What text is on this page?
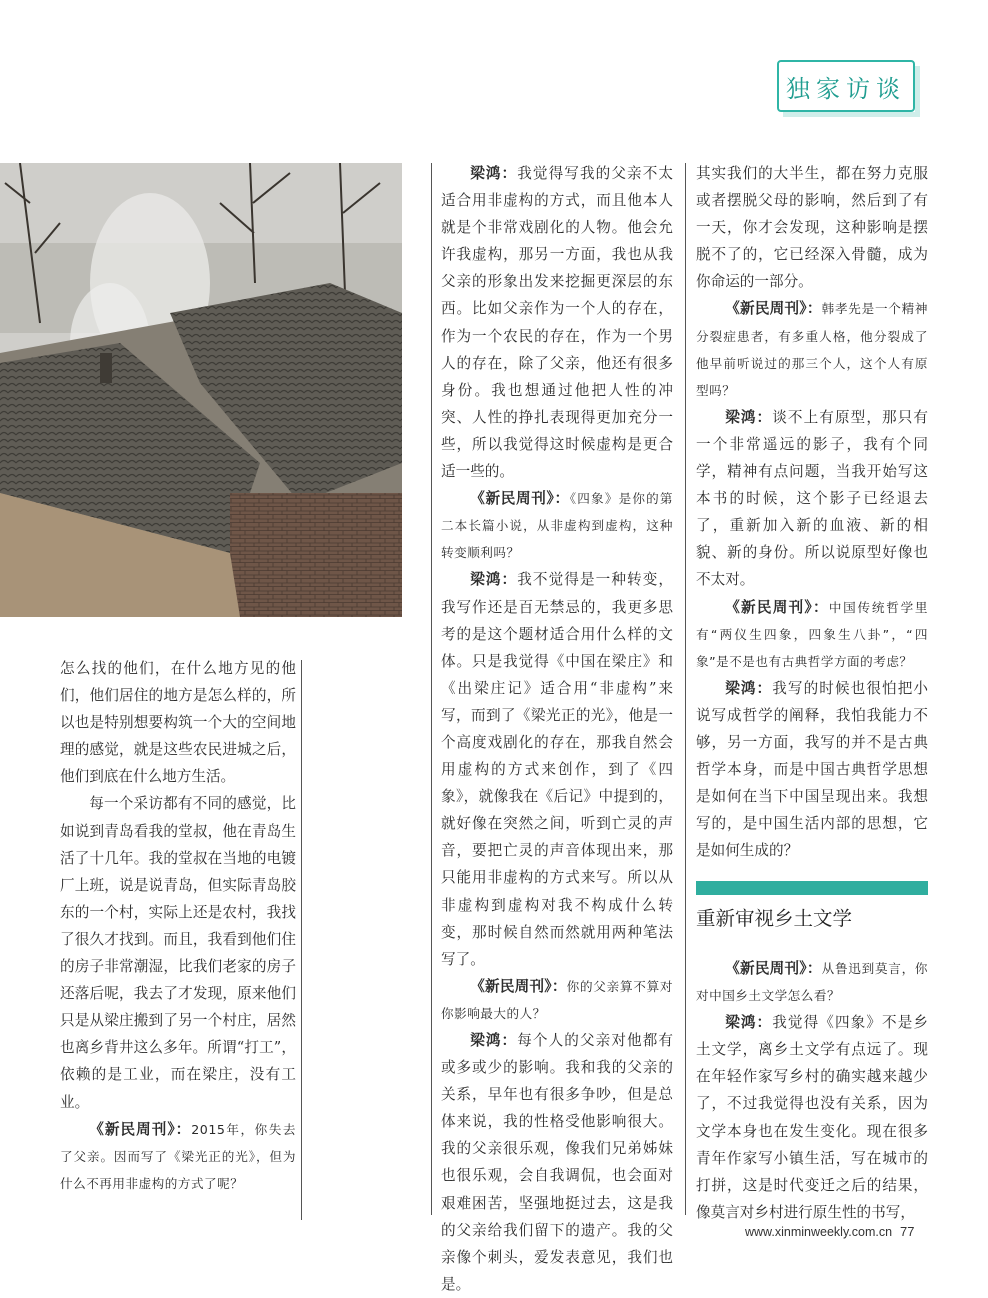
独家访谈

怎么找的他们，在什么地方见的他们，他们居住的地方是怎么样的，所以也是特别想要构筑一个大的空间地理的感觉，就是这些农民进城之后，他们到底在什么地方生活。

每一个采访都有不同的感觉，比如说到青岛看我的堂叔，他在青岛生活了十几年。我的堂叔在当地的电镀厂上班，说是说青岛，但实际青岛胶东的一个村，实际上还是农村，我找了很久才找到。而且，我看到他们住的房子非常潮湿，比我们老家的房子还落后呢，我去了才发现，原来他们只是从梁庄搬到了另一个村庄，居然也离乡背井这么多年。所谓“打工”，依赖的是工业，而在梁庄，没有工业。

《新民周刊》：2015年，你失去了父亲。因而写了《梁光正的光》，但为什么不再用非虚构的方式了呢？

梁鸿：我觉得写我的父亲不太适合用非虚构的方式，而且他本人就是个非常戏剧化的人物。他会允许我虚构，那另一方面，我也从我父亲的形象出发来挖掘更深层的东西。比如父亲作为一个人的存在，作为一个农民的存在，作为一个男人的存在，除了父亲，他还有很多身份。我也想通过他把人性的冲突、人性的挣扎表现得更加充分一些，所以我觉得这时候虚构是更合适一些的。

《新民周刊》：《四象》是你的第二本长篇小说，从非虚构到虚构，这种转变顺利吗？

梁鸿：我不觉得是一种转变，我写作还是百无禁忌的，我更多思考的是这个题材适合用什么样的文体。只是我觉得《中国在梁庄》和《出梁庄记》适合用“非虚构”来写，而到了《梁光正的光》，他是一个高度戏剧化的存在，那我自然会用虚构的方式来创作，到了《四象》，就像我在《后记》中提到的，就好像在突然之间，听到亡灵的声音，要把亡灵的声音体现出来，那只能用非虚构的方式来写。所以从非虚构到虚构对我不构成什么转变，那时候自然而然就用两种笔法写了。

《新民周刊》：你的父亲算不算对你影响最大的人？

梁鸿：每个人的父亲对他都有或多或少的影响。我和我的父亲的关系，早年也有很多争吵，但是总体来说，我的性格受他影响很大。我的父亲很乐观，像我们兄弟姊妹也很乐观，会自我调侃，也会面对艰难困苦，坚强地挺过去，这是我的父亲给我们留下的遗产。我的父亲像个刺头，爱发表意见，我们也是。

其实我们的大半生，都在努力克服或者摆脱父母的影响，然后到了有一天，你才会发现，这种影响是摆脱不了的，它已经深入骨髓，成为你命运的一部分。

《新民周刊》：韩孝先是一个精神分裂症患者，有多重人格，他分裂成了他早前听说过的那三个人，这个人有原型吗？

梁鸿：谈不上有原型，那只有一个非常遥远的影子，我有个同学，精神有点问题，当我开始写这本书的时候，这个影子已经退去了，重新加入新的血液、新的相貌、新的身份。所以说原型好像也不太对。

《新民周刊》：中国传统哲学里有“两仪生四象，四象生八卦”，“四象”是不是也有古典哲学方面的考虑？

梁鸿：我写的时候也很怕把小说写成哲学的阐释，我怕我能力不够，另一方面，我写的并不是古典哲学本身，而是中国古典哲学思想是如何在当下中国呈现出来。我想写的，是中国生活内部的思想，它是如何生成的？

重新审视乡土文学

《新民周刊》：从鲁迅到莫言，你对中国乡土文学怎么看？

梁鸿：我觉得《四象》不是乡土文学，离乡土文学有点远了。现在年轻作家写乡村的确实越来越少了，不过我觉得也没有关系，因为文学本身也在发生变化。现在很多青年作家写小镇生活，写在城市的打拼，这是时代变迁之后的结果，像莫言对乡村进行原生性的书写，

www.xinminweekly.com.cn 77
